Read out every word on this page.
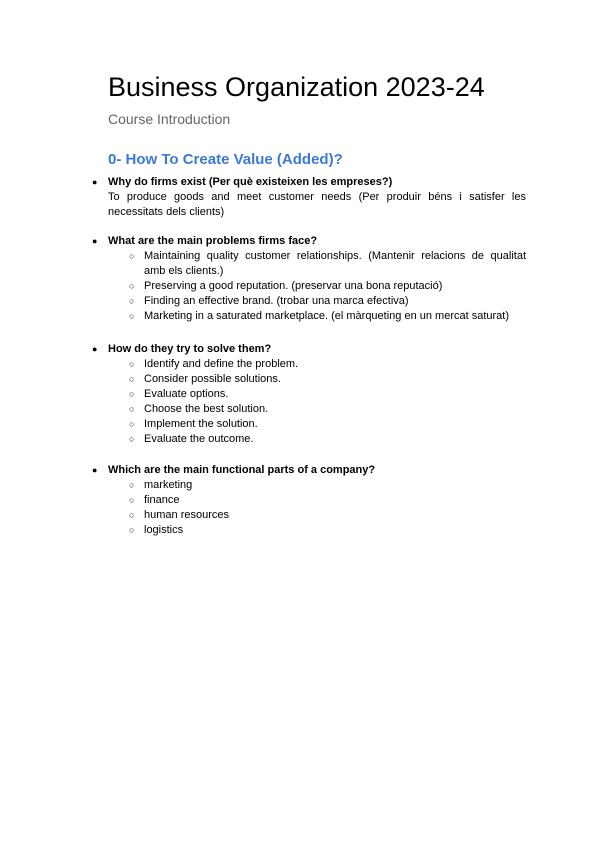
Business Organization 2023-24
Course Introduction
0- How To Create Value (Added)?
● Why do firms exist (Per què existeixen les empreses?)
To produce goods and meet customer needs (Per produir béns i satisfer les necessitats dels clients)
● What are the main problems firms face?
○ Maintaining quality customer relationships. (Mantenir relacions de qualitat amb els clients.)
○ Preserving a good reputation. (preservar una bona reputació)
○ Finding an effective brand. (trobar una marca efectiva)
○ Marketing in a saturated marketplace. (el màrqueting en un mercat saturat)
● How do they try to solve them?
○ Identify and define the problem.
○ Consider possible solutions.
○ Evaluate options.
○ Choose the best solution.
○ Implement the solution.
○ Evaluate the outcome.
● Which are the main functional parts of a company?
○ marketing
○ finance
○ human resources
○ logistics
